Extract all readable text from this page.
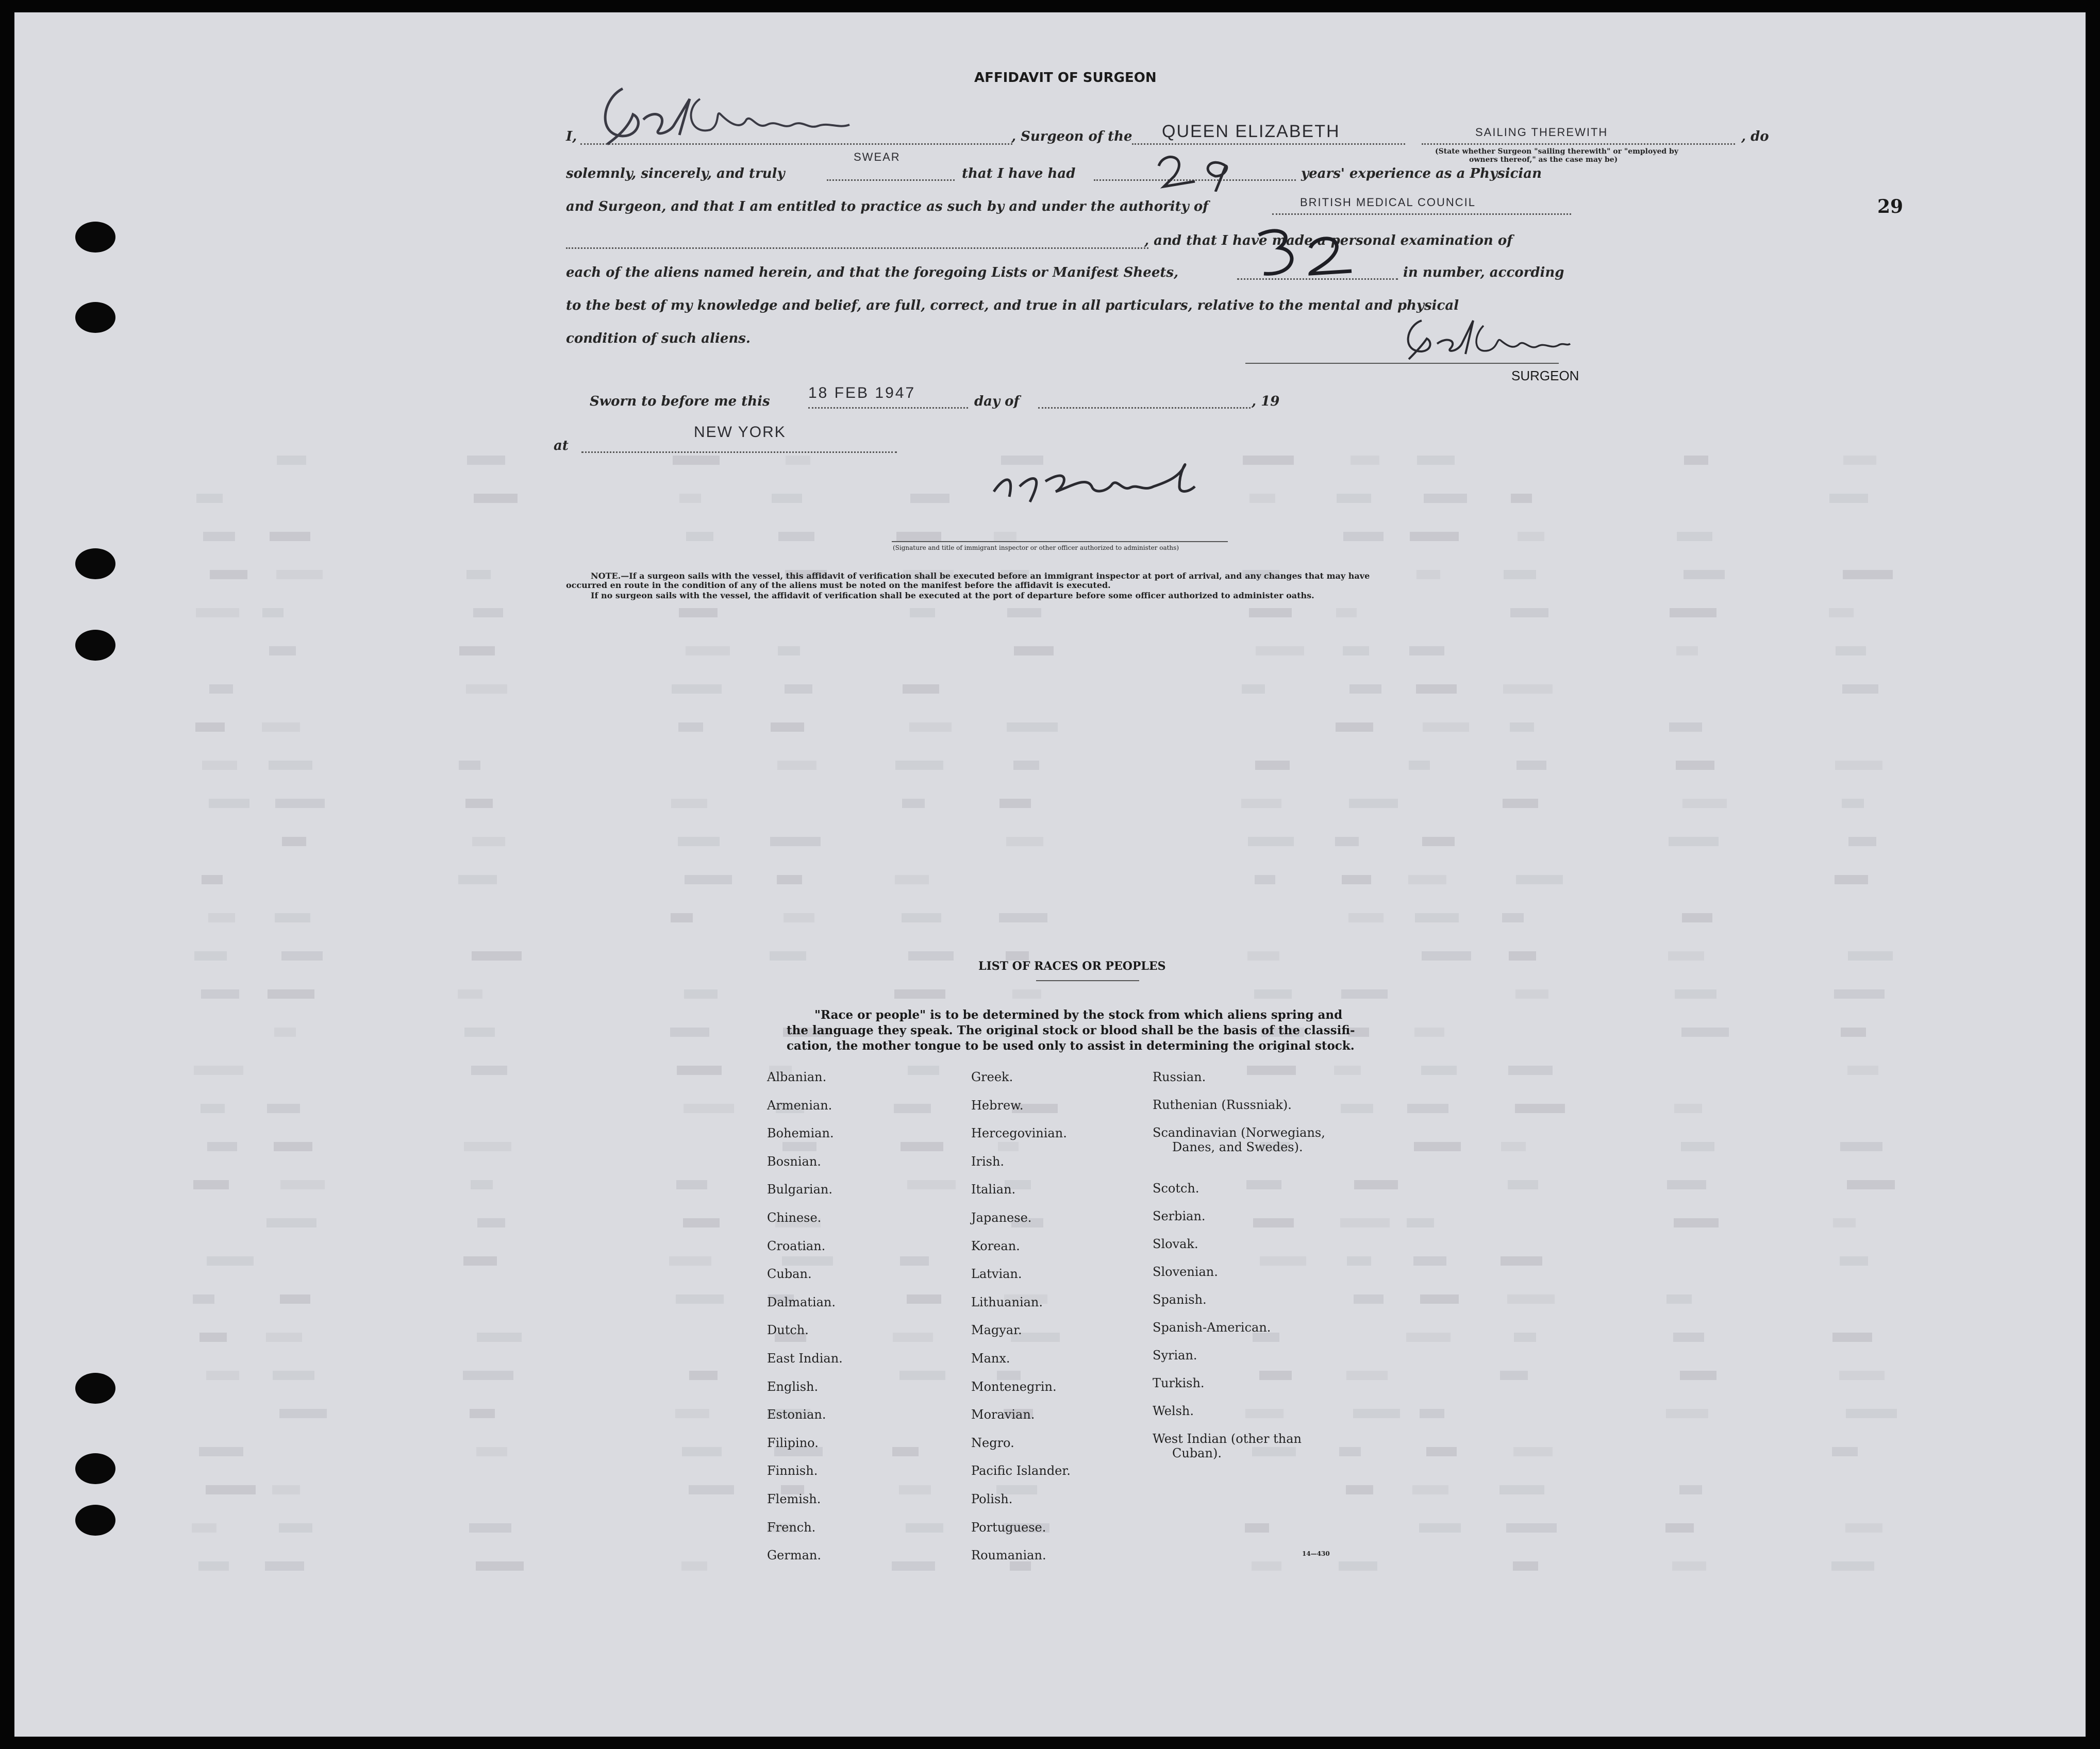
29
AFFIDAVIT OF SURGEON
I,	, Surgeon of the QUEEN ELIZABETH	SAILING THEREWITH	, do
(State whether Surgeon "sailing therewith" or "employed by
owners thereof," as the case may be)
solemnly, sincerely, and truly
SWEAR
that I have had	years' experience as a Physician
and Surgeon, and that I am entitled to practice as such by and under the authority of	BRITISH MEDICAL COUNCIL
, and that I have made a personal examination of
each of the aliens named herein, and that the foregoing Lists or Manifest Sheets,	in number, according
to the best of my knowledge and belief, are full, correct, and true in all particulars, relative to the mental and physical
condition of such aliens.
SURGEON
Sworn to before me this 18 FEB 1947	day of	, 19
at
NEW YORK
(Signature and title of immigrant inspector or other officer authorized to administer oaths)
NOTE.—If a surgeon sails with the vessel, this affidavit of verification shall be executed before an immigrant inspector at port of arrival, and any changes that may have
occurred en route in the condition of any of the aliens must be noted on the manifest before the affidavit is executed.
If no surgeon sails with the vessel, the affidavit of verification shall be executed at the port of departure before some officer authorized to administer oaths.
LIST OF RACES OR PEOPLES
"Race or people" is to be determined by the stock from which aliens spring and
the language they speak. The original stock or blood shall be the basis of the classifi-
cation, the mother tongue to be used only to assist in determining the original stock.
Albanian.
Armenian.
Bohemian.
Bosnian.
Bulgarian.
Chinese.
Croatian.
Cuban.
Dalmatian.
Dutch.
East Indian.
English.
Estonian.
Filipino.
Finnish.
Flemish.
French.
German.
Greek.
Hebrew.
Hercegovinian.
Irish.
Italian.
Japanese.
Korean.
Latvian.
Lithuanian.
Magyar.
Manx.
Montenegrin.
Moravian.
Negro.
Pacific Islander.
Polish.
Portuguese.
Roumanian.
Russian.
Ruthenian (Russniak).
Scandinavian (Norwegians,
Danes, and Swedes).
Scotch.
Serbian.
Slovak.
Slovenian.
Spanish.
Spanish-American.
Syrian.
Turkish.
Welsh.
West Indian (other than
Cuban).
14—430
